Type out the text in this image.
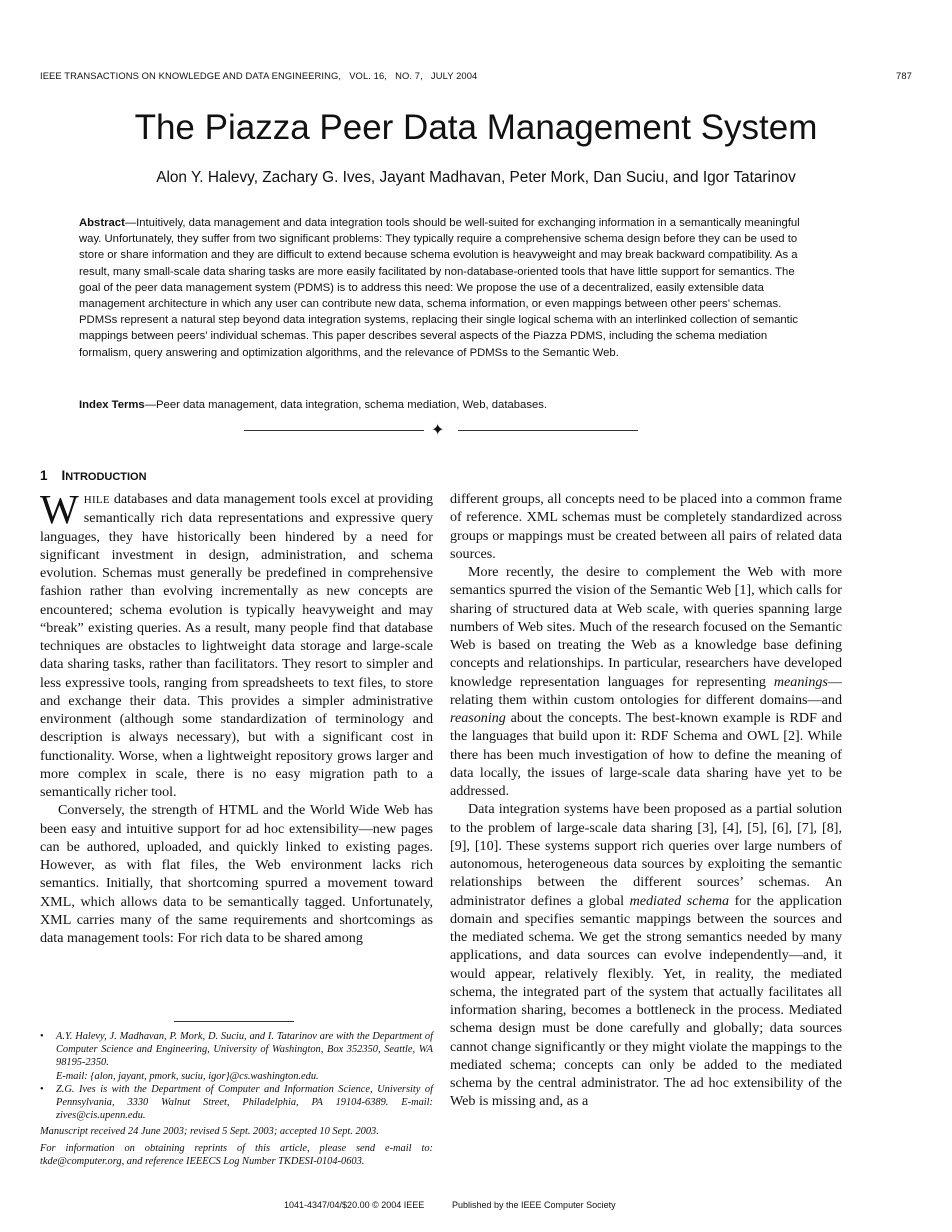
IEEE TRANSACTIONS ON KNOWLEDGE AND DATA ENGINEERING,   VOL. 16,   NO. 7,   JULY 2004	787
The Piazza Peer Data Management System
Alon Y. Halevy, Zachary G. Ives, Jayant Madhavan, Peter Mork, Dan Suciu, and Igor Tatarinov
Abstract—Intuitively, data management and data integration tools should be well-suited for exchanging information in a semantically meaningful way. Unfortunately, they suffer from two significant problems: They typically require a comprehensive schema design before they can be used to store or share information and they are difficult to extend because schema evolution is heavyweight and may break backward compatibility. As a result, many small-scale data sharing tasks are more easily facilitated by non-database-oriented tools that have little support for semantics. The goal of the peer data management system (PDMS) is to address this need: We propose the use of a decentralized, easily extensible data management architecture in which any user can contribute new data, schema information, or even mappings between other peers’ schemas. PDMSs represent a natural step beyond data integration systems, replacing their single logical schema with an interlinked collection of semantic mappings between peers’ individual schemas. This paper describes several aspects of the Piazza PDMS, including the schema mediation formalism, query answering and optimization algorithms, and the relevance of PDMSs to the Semantic Web.
Index Terms—Peer data management, data integration, schema mediation, Web, databases.
✦
1 INTRODUCTION

WHILE databases and data management tools excel at providing semantically rich data representations and expressive query languages, they have historically been hindered by a need for significant investment in design, administration, and schema evolution. Schemas must generally be predefined in comprehensive fashion rather than evolving incrementally as new concepts are encountered; schema evolution is typically heavyweight and may “break” existing queries. As a result, many people find that database techniques are obstacles to lightweight data storage and large-scale data sharing tasks, rather than facilitators. They resort to simpler and less expressive tools, ranging from spreadsheets to text files, to store and exchange their data. This provides a simpler administrative environment (although some standardization of terminology and description is always necessary), but with a significant cost in functionality. Worse, when a lightweight repository grows larger and more complex in scale, there is no easy migration path to a semantically richer tool.

Conversely, the strength of HTML and the World Wide Web has been easy and intuitive support for ad hoc extensibility—new pages can be authored, uploaded, and quickly linked to existing pages. However, as with flat files, the Web environment lacks rich semantics. Initially, that shortcoming spurred a movement toward XML, which allows data to be semantically tagged. Unfortunately, XML carries many of the same requirements and shortcomings as data management tools: For rich data to be shared among

different groups, all concepts need to be placed into a common frame of reference. XML schemas must be completely standardized across groups or mappings must be created between all pairs of related data sources.

More recently, the desire to complement the Web with more semantics spurred the vision of the Semantic Web [1], which calls for sharing of structured data at Web scale, with queries spanning large numbers of Web sites. Much of the research focused on the Semantic Web is based on treating the Web as a knowledge base defining concepts and relationships. In particular, researchers have developed knowledge representation languages for representing meanings—relating them within custom ontologies for different domains—and reasoning about the concepts. The best-known example is RDF and the languages that build upon it: RDF Schema and OWL [2]. While there has been much investigation of how to define the meaning of data locally, the issues of large-scale data sharing have yet to be addressed.

Data integration systems have been proposed as a partial solution to the problem of large-scale data sharing [3], [4], [5], [6], [7], [8], [9], [10]. These systems support rich queries over large numbers of autonomous, heterogeneous data sources by exploiting the semantic relationships between the different sources’ schemas. An administrator defines a global mediated schema for the application domain and specifies semantic mappings between the sources and the mediated schema. We get the strong semantics needed by many applications, and data sources can evolve independently—and, it would appear, relatively flexibly. Yet, in reality, the mediated schema, the integrated part of the system that actually facilitates all information sharing, becomes a bottleneck in the process. Mediated schema design must be done carefully and globally; data sources cannot change significantly or they might violate the mappings to the mediated schema; concepts can only be added to the mediated schema by the central administrator. The ad hoc extensibility of the Web is missing and, as a

• A.Y. Halevy, J. Madhavan, P. Mork, D. Suciu, and I. Tatarinov are with the Department of Computer Science and Engineering, University of Washington, Box 352350, Seattle, WA 98195-2350.
E-mail: {alon, jayant, pmork, suciu, igor}@cs.washington.edu.
• Z.G. Ives is with the Department of Computer and Information Science, University of Pennsylvania, 3330 Walnut Street, Philadelphia, PA 19104-6389. E-mail: zives@cis.upenn.edu.
Manuscript received 24 June 2003; revised 5 Sept. 2003; accepted 10 Sept. 2003.
For information on obtaining reprints of this article, please send e-mail to: tkde@computer.org, and reference IEEECS Log Number TKDESI-0104-0603.
1041-4347/04/$20.00 © 2004 IEEE	Published by the IEEE Computer Society
